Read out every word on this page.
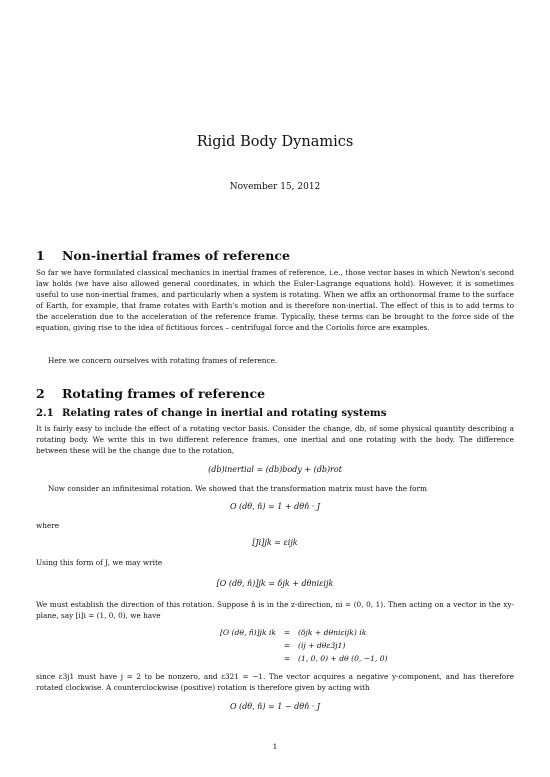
Rigid Body Dynamics
November 15, 2012
1 Non-inertial frames of reference
So far we have formulated classical mechanics in inertial frames of reference, i.e., those vector bases in which Newton's second law holds (we have also allowed general coordinates, in which the Euler-Lagrange equations hold). However, it is sometimes useful to use non-inertial frames, and particularly when a system is rotating. When we affix an orthonormal frame to the surface of Earth, for example, that frame rotates with Earth's motion and is therefore non-inertial. The effect of this is to add terms to the acceleration due to the acceleration of the reference frame. Typically, these terms can be brought to the force side of the equation, giving rise to the idea of fictitious forces – centrifugal force and the Coriolis force are examples.
Here we concern ourselves with rotating frames of reference.
2 Rotating frames of reference
2.1 Relating rates of change in inertial and rotating systems
It is fairly easy to include the effect of a rotating vector basis. Consider the change, db, of some physical quantity describing a rotating body. We write this in two different reference frames, one inertial and one rotating with the body. The difference between these will be the change due to the rotation,
(db)inertial = (db)body + (db)rot
Now consider an infinitesimal rotation. We showed that the transformation matrix must have the form
O (dθ, n̂) = 1 + dθn̂ · J
where
[Ji]jk = εijk
Using this form of J, we may write
[O (dθ, n̂)]jk = δjk + dθniεijk
We must establish the direction of this rotation. Suppose n̂ is in the z-direction, ni = (0, 0, 1). Then acting on a vector in the xy-plane, say [i]i = (1, 0, 0), we have
[O (dθ, n̂)]jk ik = (δjk + dθniεijk) ik
= (ij + dθε3j1)
= (1, 0, 0) + dθ (0, −1, 0)
since ε3j1 must have j = 2 to be nonzero, and ε321 = −1. The vector acquires a negative y-component, and has therefore rotated clockwise. A counterclockwise (positive) rotation is therefore given by acting with
O (dθ, n̂) = 1 − dθn̂ · J
1
